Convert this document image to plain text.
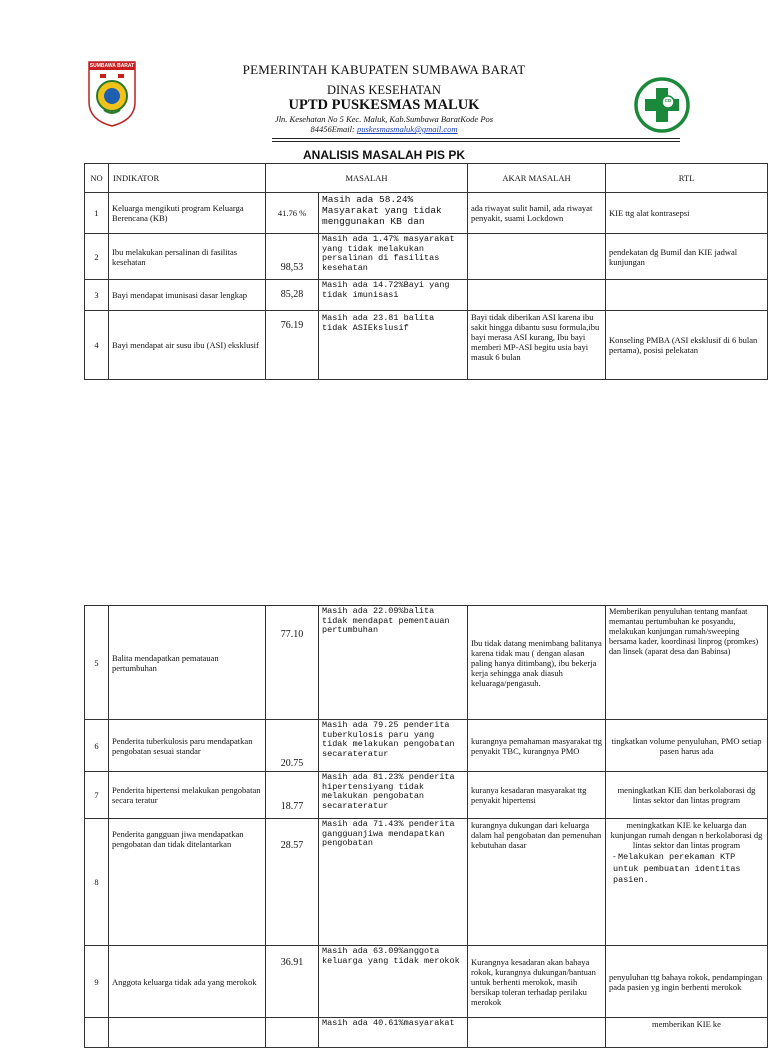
SUMBAWA BARAT
CD
PEMERINTAH KABUPATEN SUMBAWA BARAT
DINAS KESEHATAN
UPTD PUSKESMAS MALUK
Jln. Kesehatan No 5 Kec. Maluk, Kab.Sumbawa BaratKode Pos
84456Email: puskesmasmaluk@gmail.com
ANALISIS MASALAH PIS PK
NO	INDIKATOR	MASALAH		AKAR MASALAH	RTL
1	Keluarga mengikuti program Keluarga Berencana (KB)	41.76 %	Masih ada 58.24% Masyarakat yang tidak menggunakan KB dan	ada riwayat sulit hamil, ada riwayat penyakit, suami Lockdown	KIE ttg alat kontrasepsi
2	Ibu melakukan persalinan di fasilitas kesehatan	98,53	Masih ada 1.47% masyarakat yang tidak melakukan persalinan di fasilitas kesehatan		pendekatan dg Bumil dan KIE jadwal kunjungan
3	Bayi mendapat imunisasi dasar lengkap	85,28	Masih ada 14.72%Bayi yang tidak imunisasi		
4	Bayi mendapat air susu ibu (ASI) eksklusif	76.19	Masih ada 23.81 balita tidak ASIEkslusif	Bayi tidak diberikan ASI karena ibu sakit hingga dibantu susu formula,ibu bayi merasa ASI kurang, Ibu bayi memberi MP-ASI begitu usia bayi masuk 6 bulan	Konseling PMBA (ASI eksklusif di 6 bulan pertama), posisi pelekatan
5	Balita mendapatkan pematauan pertumbuhan	77.10	Masih ada 22.09%balita tidak mendapat pementauan pertumbuhan	Ibu tidak datang menimbang balitanya karena tidak mau ( dengan alasan paling hanya ditimbang), ibu bekerja kerja sehingga anak diasuh keluaraga/pengasuh.	Memberikan penyuluhan tentang manfaat memantau pertumbuhan ke posyandu, melakukan kunjungan rumah/sweeping bersama kader, koordinasi linprog (promkes) dan linsek (aparat desa dan Babinsa)
6	Penderita tuberkulosis paru mendapatkan pengobatan sesuai standar	20.75	Masih ada 79.25 penderita tuberkulosis paru yang tidak melakukan pengobatan secarateratur	kurangnya pemahaman masyarakat ttg penyakit TBC, kurangnya PMO	tingkatkan volume penyuluhan, PMO setiap pasen harus ada
7	Penderita hipertensi melakukan pengobatan secara teratur	18.77	Masih ada 81.23% penderita hipertensiyang tidak melakukan pengobatan secarateratur	kuranya kesadaran masyarakat ttg penyakit hipertensi	meningkatkan KIE dan berkolaborasi dg lintas sektor dan lintas program
8	Penderita gangguan jiwa mendapatkan pengobatan dan tidak ditelantarkan	28.57	Masih ada 71.43% penderita gangguanjiwa mendapatkan pengobatan	kurangnya dukungan dari keluarga dalam hal pengobatan dan pemenuhan kebutuhan dasar	meningkatkan KIE ke keluarga dan kunjungan rumah dengan n berkolaborasi dg lintas sektor dan lintas program
- Melakukan perekaman KTP untuk pembuatan identitas pasien.

9	Anggota keluarga tidak ada yang merokok	36.91	Masih ada 63.09%anggota keluarga yang tidak merokok	Kurangnya kesadaran akan bahaya rokok, kurangnya dukungan/bantuan untuk berhenti merokok, masih bersikap toleran terhadap perilaku merokok	penyuluhan ttg bahaya rokok, pendampingan pada pasien yg ingin berhenti merokok
			Masih ada 40.61%masyarakat		memberikan KIE ke
